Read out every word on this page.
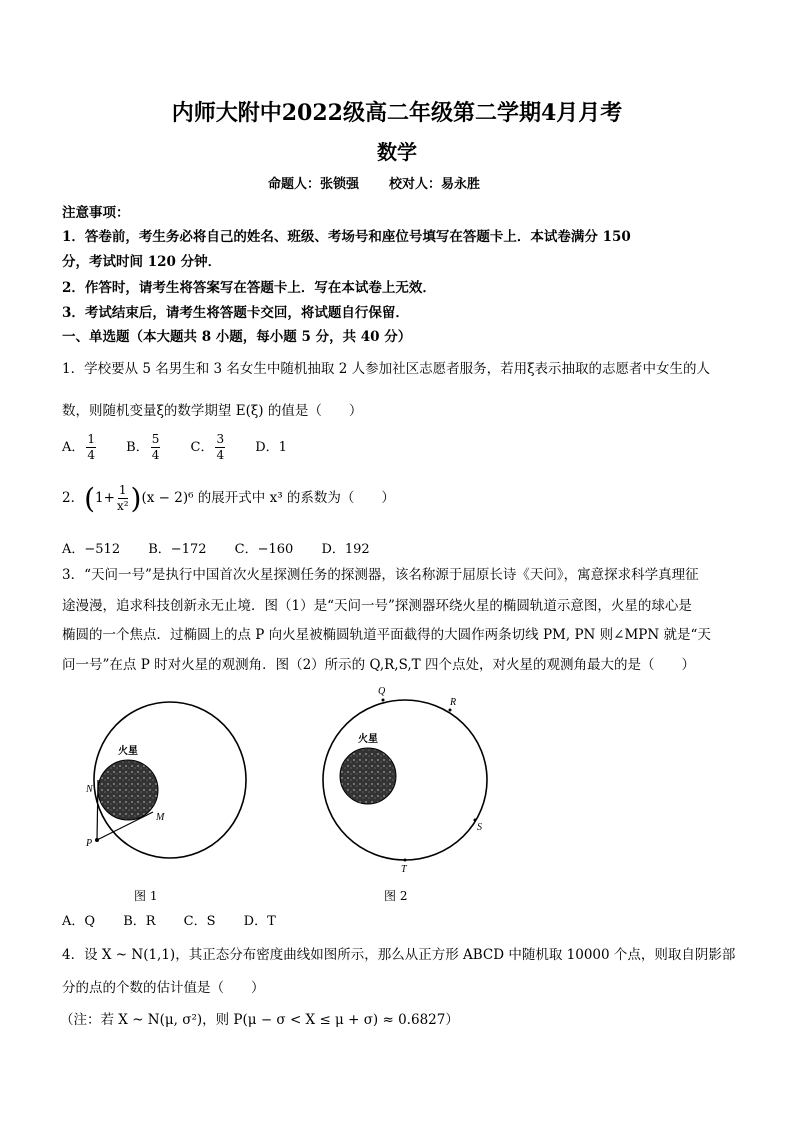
内师大附中2022级高二年级第二学期4月月考
数学
命题人：张锁强 校对人：易永胜
注意事项：
1．答卷前，考生务必将自己的姓名、班级、考场号和座位号填写在答题卡上．本试卷满分 150
分，考试时间 120 分钟．
2．作答时，请考生将答案写在答题卡上．写在本试卷上无效．
3．考试结束后，请考生将答题卡交回，将试题自行保留．
一、单选题（本大题共 8 小题，每小题 5 分，共 40 分）
1．学校要从 5 名男生和 3 名女生中随机抽取 2 人参加社区志愿者服务，若用ξ表示抽取的志愿者中女生的人
数，则随机变量ξ的数学期望 E(ξ) 的值是（　　）
A． $\frac{1}{4}$ B． $\frac{5}{4}$ C． $\frac{3}{4}$ D．1
2．$(1+ \frac{1}{\text{x²}} )(x - 2)^6$ 的展开式中 x³ 的系数为（　　）
A．−512 B．−172 C．−160 D．192
3．“天问一号”是执行中国首次火星探测任务的探测器，该名称源于屈原长诗《天问》，寓意探求科学真理征
途漫漫，追求科技创新永无止境．图（1）是“天问一号”探测器环绕火星的椭圆轨道示意图，火星的球心是
椭圆的一个焦点．过椭圆上的点 P 向火星被椭圆轨道平面截得的大圆作两条切线 PM, PN 则∠MPN 就是“天
问一号”在点 P 时对火星的观测角．图（2）所示的 Q,R,S,T 四个点处，对火星的观测角最大的是（　　）
火星
N
M
P
图 1
火星
Q
R
S
T
图 2
A．Q B．R C．S D．T
4．设 X ~ N(1,1)，其正态分布密度曲线如图所示，那么从正方形 ABCD 中随机取 10000 个点，则取自阴影部
分的点的个数的估计值是（　　）
（注：若 X ~ N(μ, σ²)，则 P(μ − σ < X ≤ μ + σ) ≈ 0.6827）
